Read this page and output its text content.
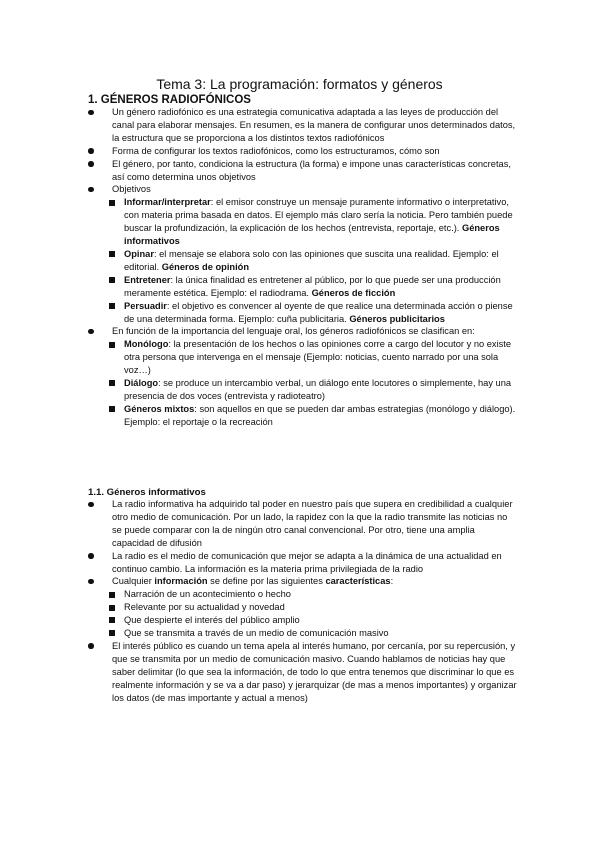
Tema 3: La programación: formatos y géneros
1. GÉNEROS RADIOFÓNICOS
Un género radiofónico es una estrategia comunicativa adaptada a las leyes de producción del canal para elaborar mensajes. En resumen, es la manera de configurar unos determinados datos, la estructura que se proporciona a los distintos textos radiofónicos
Forma de configurar los textos radiofónicos, como los estructuramos, cómo son
El género, por tanto, condiciona la estructura (la forma) e impone unas características concretas, así como determina unos objetivos
Objetivos
Informar/interpretar: el emisor construye un mensaje puramente informativo o interpretativo, con materia prima basada en datos. El ejemplo más claro sería la noticia. Pero también puede buscar la profundización, la explicación de los hechos (entrevista, reportaje, etc.). Géneros informativos
Opinar: el mensaje se elabora solo con las opiniones que suscita una realidad. Ejemplo: el editorial. Géneros de opinión
Entretener: la única finalidad es entretener al público, por lo que puede ser una producción meramente estética. Ejemplo: el radiodrama. Géneros de ficción
Persuadir: el objetivo es convencer al oyente de que realice una determinada acción o piense de una determinada forma. Ejemplo: cuña publicitaria. Géneros publicitarios
En función de la importancia del lenguaje oral, los géneros radiofónicos se clasifican en:
Monólogo: la presentación de los hechos o las opiniones corre a cargo del locutor y no existe otra persona que intervenga en el mensaje (Ejemplo: noticias, cuento narrado por una sola voz…)
Diálogo: se produce un intercambio verbal, un diálogo ente locutores o simplemente, hay una presencia de dos voces (entrevista y radioteatro)
Géneros mixtos: son aquellos en que se pueden dar ambas estrategias (monólogo y diálogo). Ejemplo: el reportaje o la recreación
1.1. Géneros informativos
La radio informativa ha adquirido tal poder en nuestro país que supera en credibilidad a cualquier otro medio de comunicación. Por un lado, la rapidez con la que la radio transmite las noticias no se puede comparar con la de ningún otro canal convencional. Por otro, tiene una amplia capacidad de difusión
La radio es el medio de comunicación que mejor se adapta a la dinámica de una actualidad en continuo cambio. La información es la materia prima privilegiada de la radio
Cualquier información se define por las siguientes características:
Narración de un acontecimiento o hecho
Relevante por su actualidad y novedad
Que despierte el interés del público amplio
Que se transmita a través de un medio de comunicación masivo
El interés público es cuando un tema apela al interés humano, por cercanía, por su repercusión, y que se transmita por un medio de comunicación masivo. Cuando hablamos de noticias hay que saber delimitar (lo que sea la información, de todo lo que entra tenemos que discriminar lo que es realmente información y se va a dar paso) y jerarquizar (de mas a menos importantes) y organizar los datos (de mas importante y actual a menos)
